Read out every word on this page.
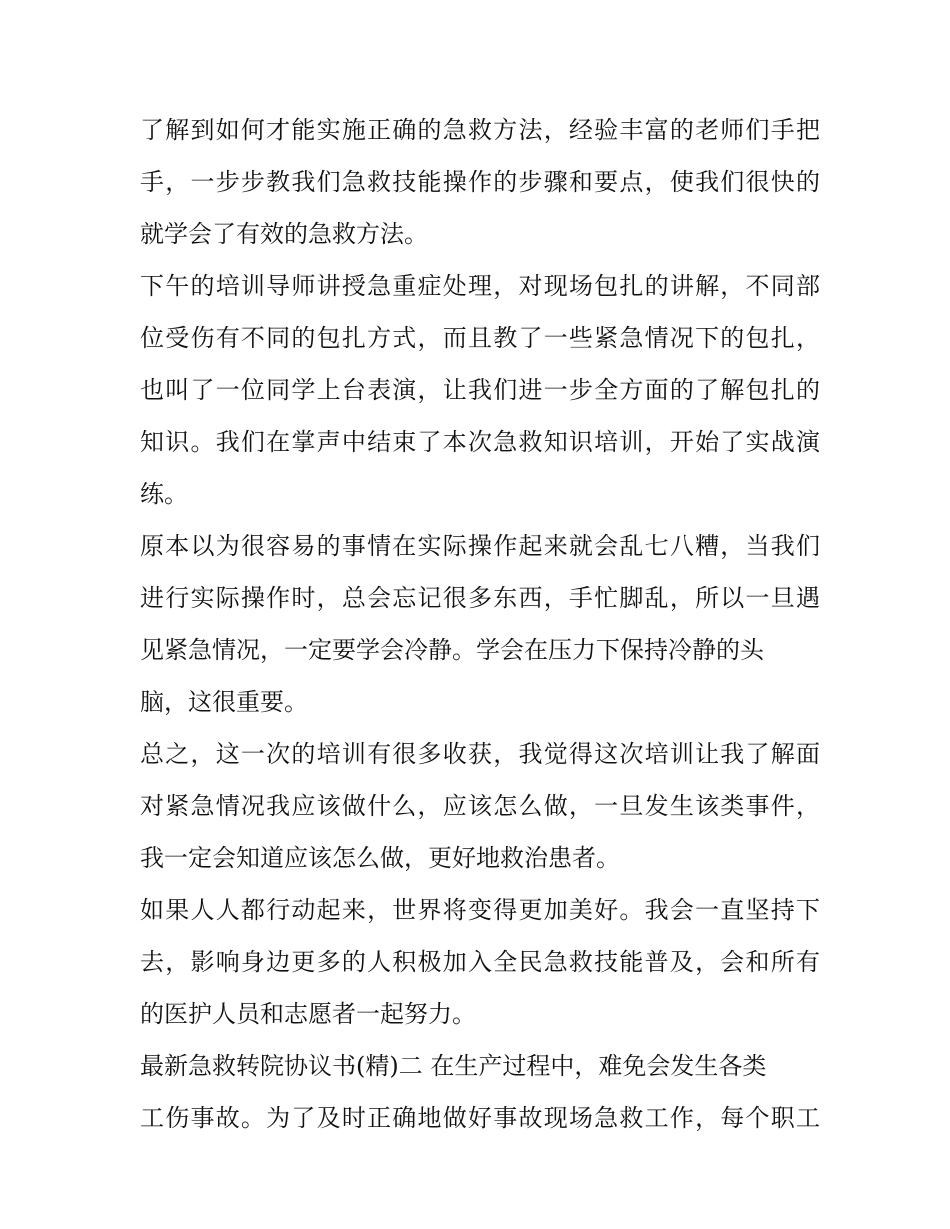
了解到如何才能实施正确的急救方法，经验丰富的老师们手把
手，一步步教我们急救技能操作的步骤和要点，使我们很快的
就学会了有效的急救方法。
下午的培训导师讲授急重症处理，对现场包扎的讲解，不同部
位受伤有不同的包扎方式，而且教了一些紧急情况下的包扎，
也叫了一位同学上台表演，让我们进一步全方面的了解包扎的
知识。我们在掌声中结束了本次急救知识培训，开始了实战演
练。
原本以为很容易的事情在实际操作起来就会乱七八糟，当我们
进行实际操作时，总会忘记很多东西，手忙脚乱，所以一旦遇
见紧急情况，一定要学会冷静。学会在压力下保持冷静的头
脑，这很重要。
总之，这一次的培训有很多收获，我觉得这次培训让我了解面
对紧急情况我应该做什么，应该怎么做，一旦发生该类事件，
我一定会知道应该怎么做，更好地救治患者。
如果人人都行动起来，世界将变得更加美好。我会一直坚持下
去，影响身边更多的人积极加入全民急救技能普及，会和所有
的医护人员和志愿者一起努力。
最新急救转院协议书(精)二 在生产过程中，难免会发生各类
工伤事故。为了及时正确地做好事故现场急救工作，每个职工
